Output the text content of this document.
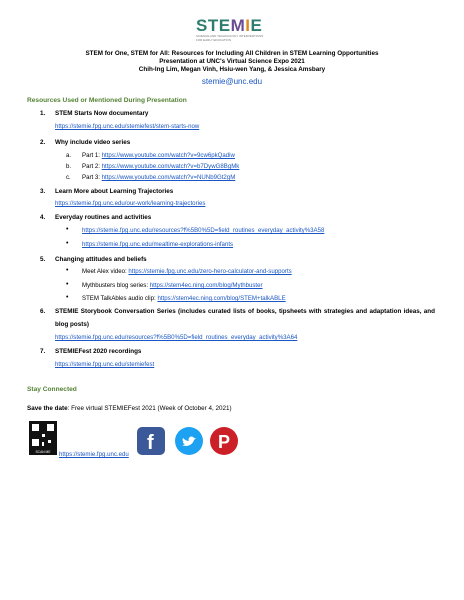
STEMIE
SCIENCE AND TECHNOLOGY INTERVENTIONS FOR EARLY EDUCATION
STEM for One, STEM for All: Resources for Including All Children in STEM Learning Opportunities
Presentation at UNC's Virtual Science Expo 2021
Chih-Ing Lim, Megan Vinh, Hsiu-wen Yang, & Jessica Amsbary
stemie@unc.edu
Resources Used or Mentioned During Presentation
1. STEM Starts Now documentary
https://stemie.fpg.unc.edu/stemiefest/stem-starts-now
2. Why include video series
a. Part 1: https://www.youtube.com/watch?v=9cw6pkQadiw
b. Part 2: https://www.youtube.com/watch?v=b7DywG8BgMk
c. Part 3: https://www.youtube.com/watch?v=NUNb9Gt2gM
3. Learn More about Learning Trajectories
https://stemie.fpg.unc.edu/our-work/learning-trajectories
4. Everyday routines and activities
• https://stemie.fpg.unc.edu/resources?f%5B0%5D=field_routines_everyday_activity%3A58
• https://stemie.fpg.unc.edu/mealtime-explorations-infants
5. Changing attitudes and beliefs
• Meet Alex video: https://stemie.fpg.unc.edu/zero-hero-calculator-and-supports
• Mythbusters blog series: https://stem4ec.ning.com/blog/Mythbuster
• STEM TalkAbles audio clip: https://stem4ec.ning.com/blog/STEM+talkABLE
6. STEMIE Storybook Conversation Series (includes curated lists of books, tipsheets with strategies and adaptation ideas, and blog posts)
https://stemie.fpg.unc.edu/resources?f%5B0%5D=field_routines_everyday_activity%3A64
7. STEMIEFest 2020 recordings
https://stemie.fpg.unc.edu/stemiefest
Stay Connected
Save the date: Free virtual STEMIEFest 2021 (Week of October 4, 2021)
SCAN ME	https://stemie.fpg.unc.edu
f	P
